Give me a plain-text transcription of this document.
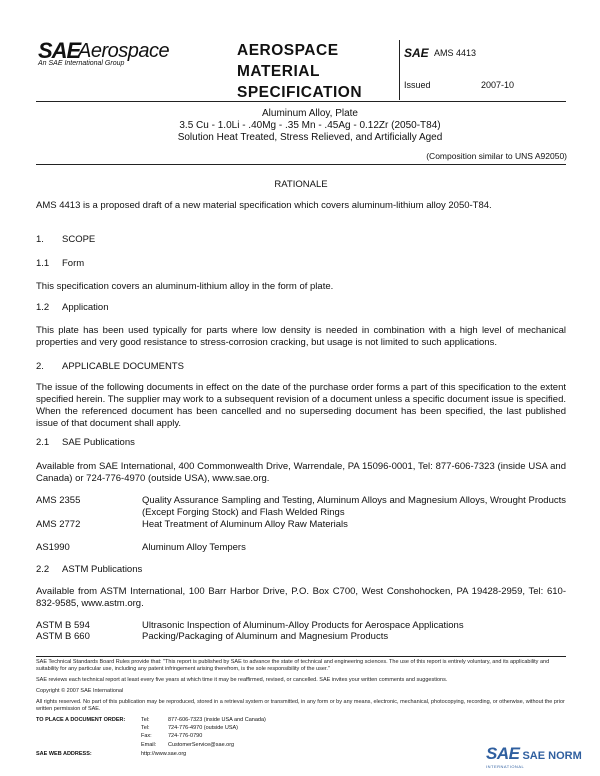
SAE
Aerospace
An SAE International Group
AEROSPACE
MATERIAL
SPECIFICATION
SAE AMS 4413
Issued	2007-10
Aluminum Alloy, Plate
3.5 Cu - 1.0Li - .40Mg - .35 Mn - .45Ag - 0.12Zr (2050-T84)
Solution Heat Treated, Stress Relieved, and Artificially Aged
(Composition similar to UNS A92050)
RATIONALE
AMS 4413 is a proposed draft of a new material specification which covers aluminum-lithium alloy 2050-T84.
1. SCOPE
1.1 Form
This specification covers an aluminum-lithium alloy in the form of plate.
1.2 Application
This plate has been used typically for parts where low density is needed in combination with a high level of mechanical properties and very good resistance to stress-corrosion cracking, but usage is not limited to such applications.
2. APPLICABLE DOCUMENTS
The issue of the following documents in effect on the date of the purchase order forms a part of this specification to the extent specified herein. The supplier may work to a subsequent revision of a document unless a specific document issue is specified. When the referenced document has been cancelled and no superseding document has been specified, the last published issue of that document shall apply.
2.1 SAE Publications
Available from SAE International, 400 Commonwealth Drive, Warrendale, PA 15096-0001, Tel: 877-606-7323 (inside USA and Canada) or 724-776-4970 (outside USA), www.sae.org.
AMS 2355	Quality Assurance Sampling and Testing, Aluminum Alloys and Magnesium Alloys, Wrought Products (Except Forging Stock) and Flash Welded Rings
AMS 2772	Heat Treatment of Aluminum Alloy Raw Materials
AS1990	Aluminum Alloy Tempers
2.2 ASTM Publications
Available from ASTM International, 100 Barr Harbor Drive, P.O. Box C700, West Conshohocken, PA 19428-2959, Tel: 610-832-9585, www.astm.org.
ASTM B 594	Ultrasonic Inspection of Aluminum-Alloy Products for Aerospace Applications
ASTM B 660	Packing/Packaging of Aluminum and Magnesium Products
SAE Technical Standards Board Rules provide that: "This report is published by SAE to advance the state of technical and engineering sciences. The use of this report is entirely voluntary, and its applicability and suitability for any particular use, including any patent infringement arising therefrom, is the sole responsibility of the user."
SAE reviews each technical report at least every five years at which time it may be reaffirmed, revised, or cancelled. SAE invites your written comments and suggestions.
Copyright © 2007 SAE International
All rights reserved. No part of this publication may be reproduced, stored in a retrieval system or transmitted, in any form or by any means, electronic, mechanical, photocopying, recording, or otherwise, without the prior written permission of SAE.
TO PLACE A DOCUMENT ORDER:	Tel:	877-606-7323 (inside USA and Canada)
Tel:	724-776-4970 (outside USA)
Fax:	724-776-0790
Email: CustomerService@sae.org
SAE WEB ADDRESS:	http://www.sae.org	SAE SAE NORM
INTERNATIONAL
